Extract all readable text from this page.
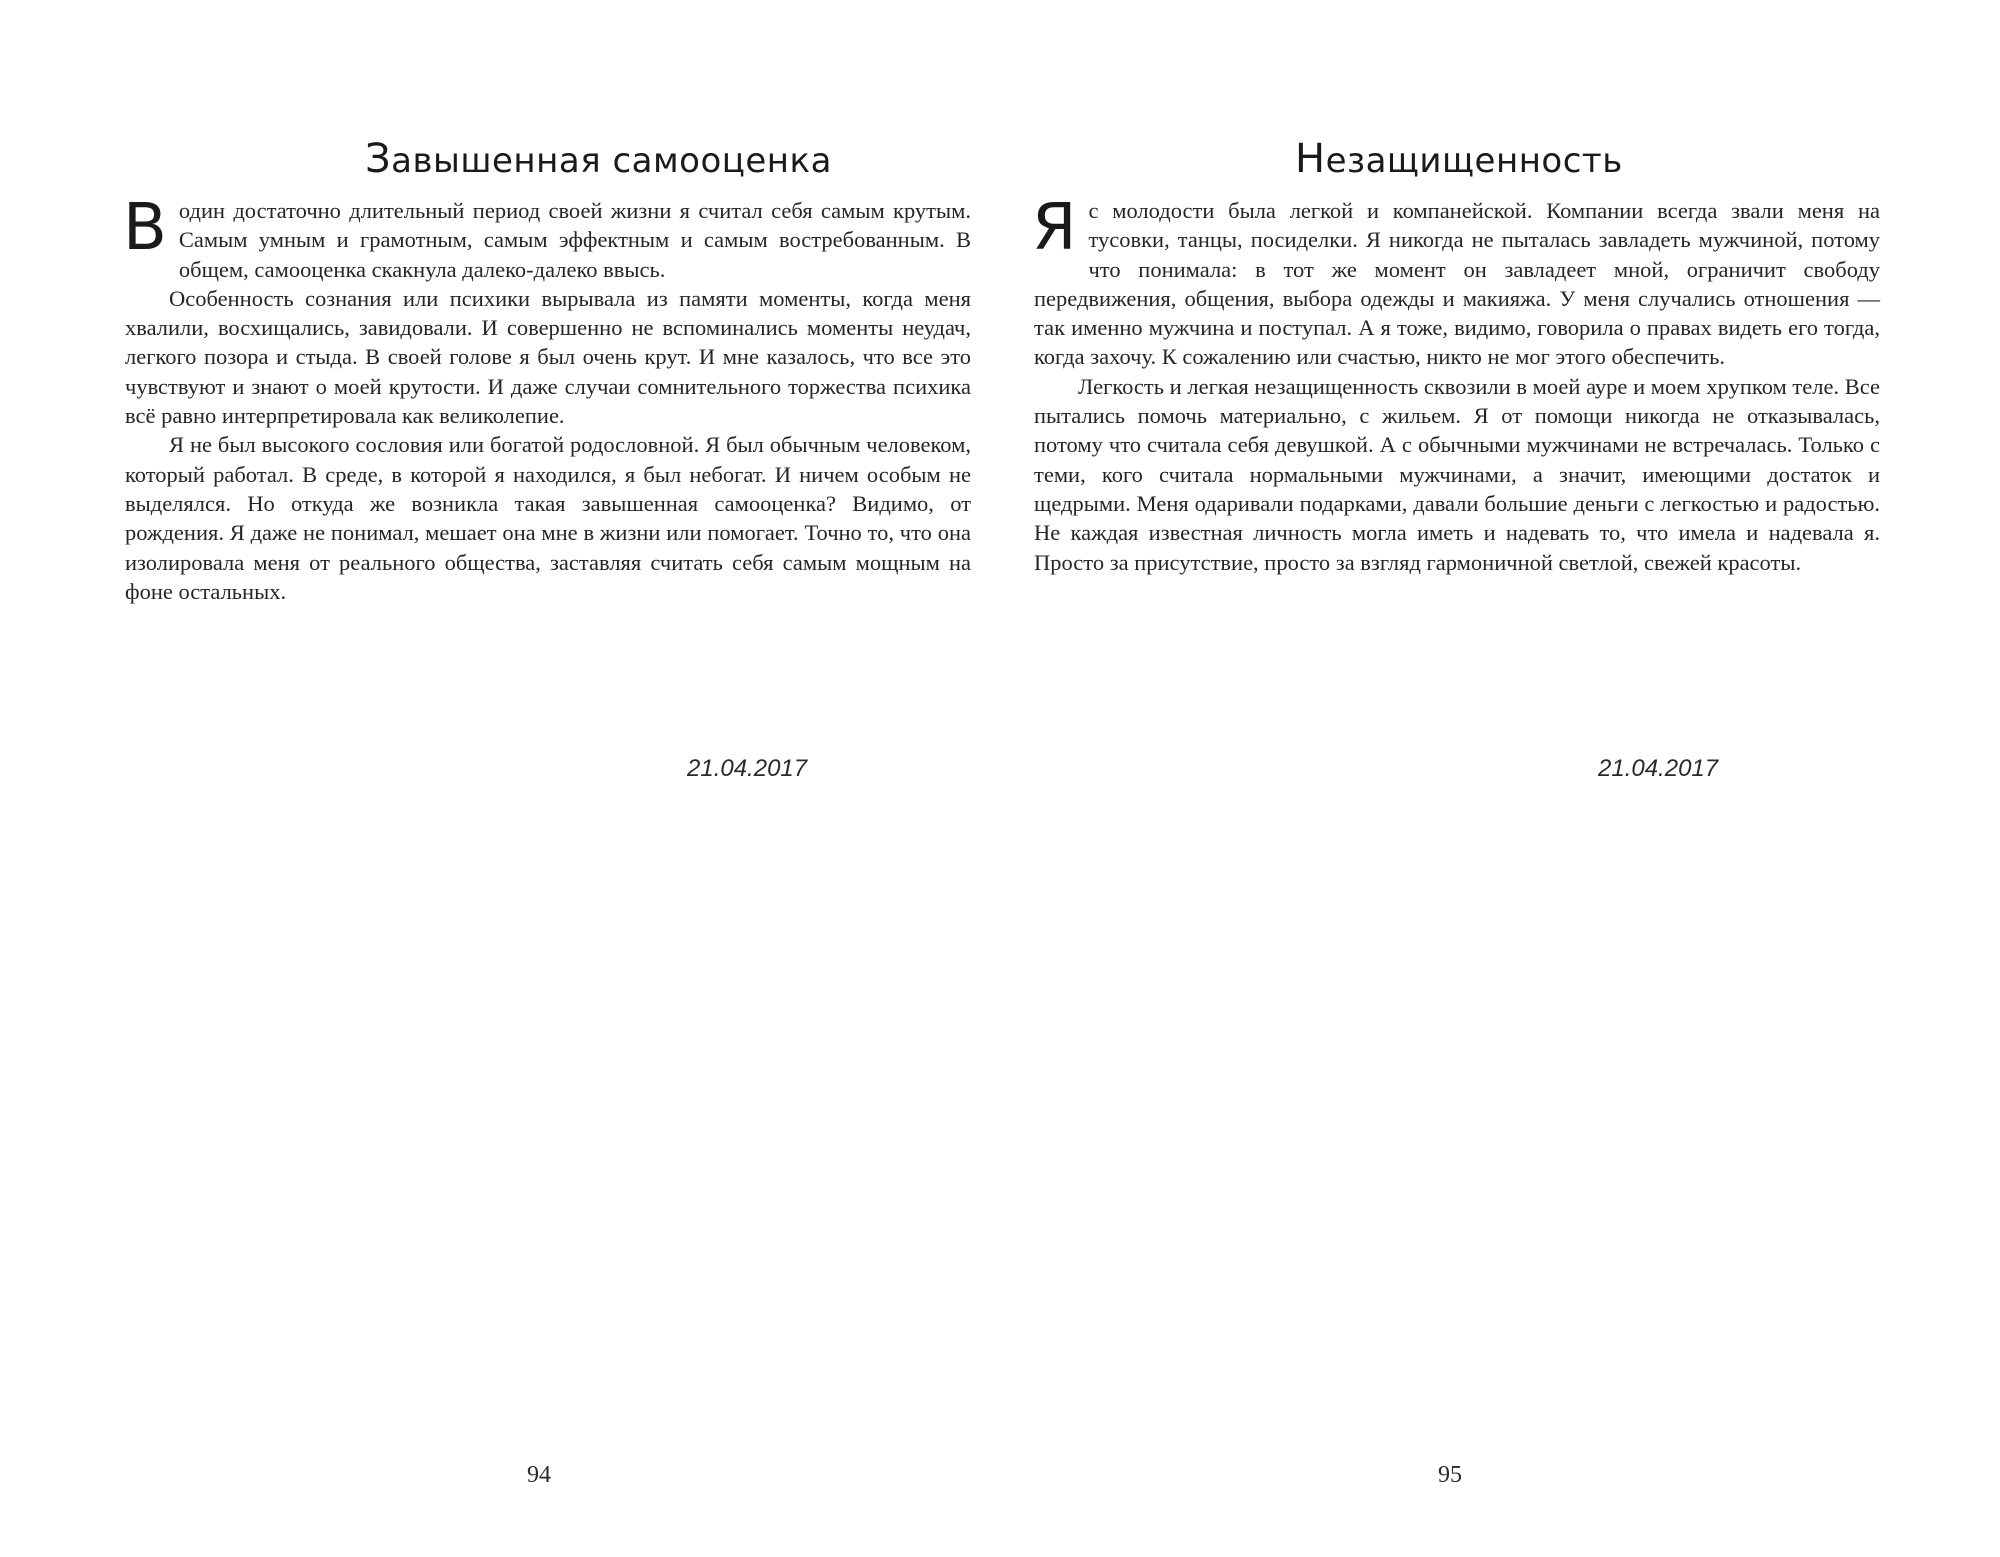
Завышенная самооценка

В один достаточно длительный период своей жизни я считал себя самым крутым. Самым умным и грамотным, самым эффектным и самым востребованным. В общем, самооценка скакнула далеко-далеко ввысь.

Особенность сознания или психики вырывала из памяти моменты, когда меня хвалили, восхищались, завидовали. И совершенно не вспоминались моменты неудач, легкого позора и стыда. В своей голове я был очень крут. И мне казалось, что все это чувствуют и знают о моей крутости. И даже случаи сомнительного торжества психика всё равно интерпретировала как великолепие.

Я не был высокого сословия или богатой родословной. Я был обычным человеком, который работал. В среде, в которой я находился, я был небогат. И ничем особым не выделялся. Но откуда же возникла такая завышенная самооценка? Видимо, от рождения. Я даже не понимал, мешает она мне в жизни или помогает. Точно то, что она изолировала меня от реального общества, заставляя считать себя самым мощным на фоне остальных.

21.04.2017
94
Незащищенность

Я с молодости была легкой и компанейской. Компании всегда звали меня на тусовки, танцы, посиделки. Я никогда не пыталась завладеть мужчиной, потому что понимала: в тот же момент он завладеет мной, ограничит свободу передвижения, общения, выбора одежды и макияжа. У меня случались отношения — так именно мужчина и поступал. А я тоже, видимо, говорила о правах видеть его тогда, когда захочу. К сожалению или счастью, никто не мог этого обеспечить.

Легкость и легкая незащищенность сквозили в моей ауре и моем хрупком теле. Все пытались помочь материально, с жильем. Я от помощи никогда не отказывалась, потому что считала себя девушкой. А с обычными мужчинами не встречалась. Только с теми, кого считала нормальными мужчинами, а значит, имеющими достаток и щедрыми. Меня одаривали подарками, давали большие деньги с легкостью и радостью. Не каждая известная личность могла иметь и надевать то, что имела и надевала я. Просто за присутствие, просто за взгляд гармоничной светлой, свежей красоты.

21.04.2017
95
